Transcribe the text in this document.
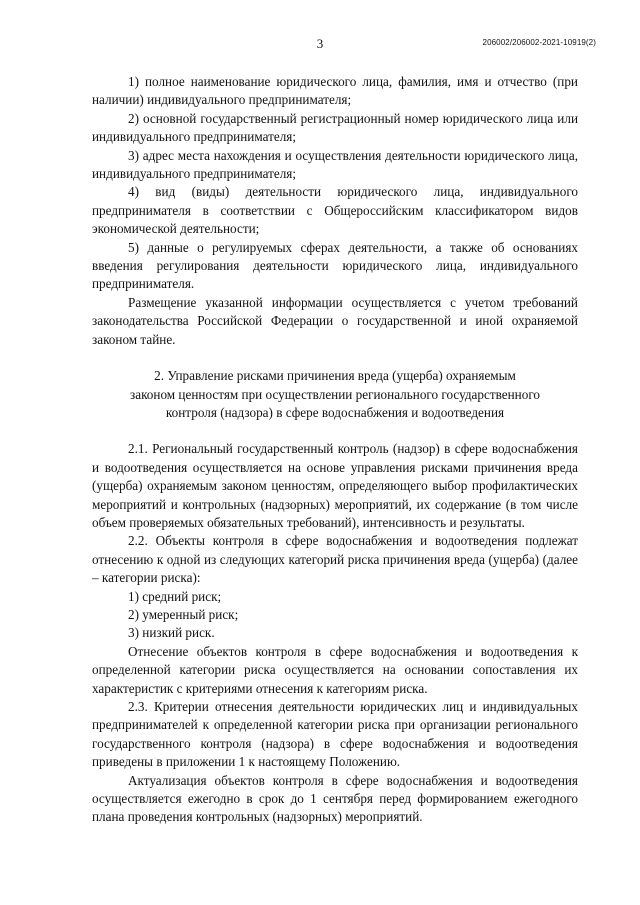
3	206002/206002-2021-10919(2)

1) полное наименование юридического лица, фамилия, имя и отчество (при наличии) индивидуального предпринимателя;

2) основной государственный регистрационный номер юридического лица или индивидуального предпринимателя;

3) адрес места нахождения и осуществления деятельности юридического лица, индивидуального предпринимателя;

4) вид (виды) деятельности юридического лица, индивидуального предпринимателя в соответствии с Общероссийским классификатором видов экономической деятельности;

5) данные о регулируемых сферах деятельности, а также об основаниях введения регулирования деятельности юридического лица, индивидуального предпринимателя.

Размещение указанной информации осуществляется с учетом требований законодательства Российской Федерации о государственной и иной охраняемой законом тайне.

2. Управление рисками причинения вреда (ущерба) охраняемым
законом ценностям при осуществлении регионального государственного
контроля (надзора) в сфере водоснабжения и водоотведения

2.1. Региональный государственный контроль (надзор) в сфере водоснабжения и водоотведения осуществляется на основе управления рисками причинения вреда (ущерба) охраняемым законом ценностям, определяющего выбор профилактических мероприятий и контрольных (надзорных) мероприятий, их содержание (в том числе объем проверяемых обязательных требований), интенсивность и результаты.

2.2. Объекты контроля в сфере водоснабжения и водоотведения подлежат отнесению к одной из следующих категорий риска причинения вреда (ущерба) (далее – категории риска):

1) средний риск;

2) умеренный риск;

3) низкий риск.

Отнесение объектов контроля в сфере водоснабжения и водоотведения к определенной категории риска осуществляется на основании сопоставления их характеристик с критериями отнесения к категориям риска.

2.3. Критерии отнесения деятельности юридических лиц и индивидуальных предпринимателей к определенной категории риска при организации регионального государственного контроля (надзора) в сфере водоснабжения и водоотведения приведены в приложении 1 к настоящему Положению.

Актуализация объектов контроля в сфере водоснабжения и водоотведения осуществляется ежегодно в срок до 1 сентября перед формированием ежегодного плана проведения контрольных (надзорных) мероприятий.
